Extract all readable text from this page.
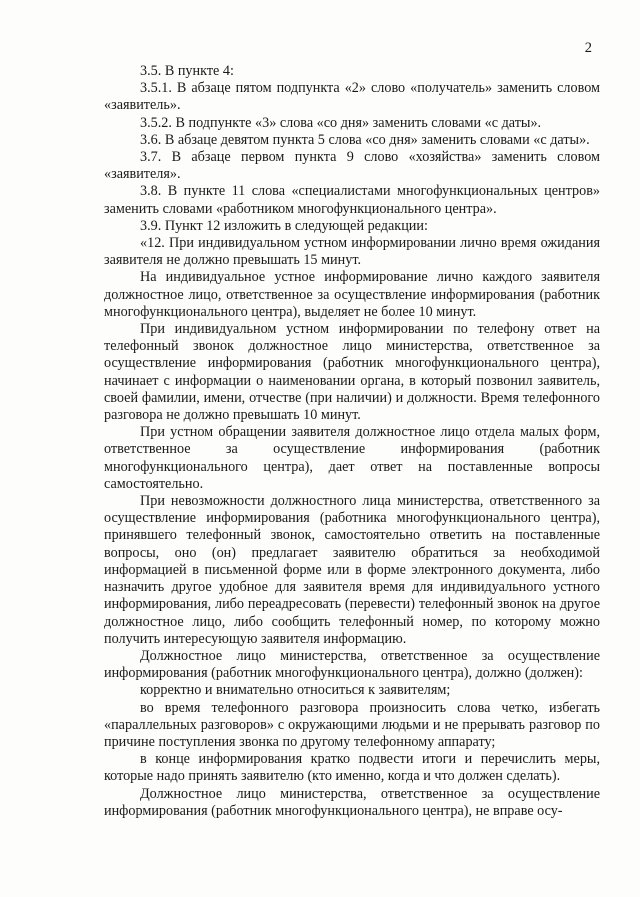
2

3.5. В пункте 4:

3.5.1. В абзаце пятом подпункта «2» слово «получатель» заменить словом «заявитель».

3.5.2. В подпункте «3» слова «со дня» заменить словами «с даты».

3.6. В абзаце девятом пункта 5 слова «со дня» заменить словами «с даты».

3.7. В абзаце первом пункта 9 слово «хозяйства» заменить словом «заявителя».

3.8. В пункте 11 слова «специалистами многофункциональных центров» заменить словами «работником многофункционального центра».

3.9. Пункт 12 изложить в следующей редакции:

«12. При индивидуальном устном информировании лично время ожидания заявителя не должно превышать 15 минут.

На индивидуальное устное информирование лично каждого заявителя должностное лицо, ответственное за осуществление информирования (работник многофункционального центра), выделяет не более 10 минут.

При индивидуальном устном информировании по телефону ответ на телефонный звонок должностное лицо министерства, ответственное за осуществление информирования (работник многофункционального центра), начинает с информации о наименовании органа, в который позвонил заявитель, своей фамилии, имени, отчестве (при наличии) и должности. Время телефонного разговора не должно превышать 10 минут.

При устном обращении заявителя должностное лицо отдела малых форм, ответственное за осуществление информирования (работник многофункционального центра), дает ответ на поставленные вопросы самостоятельно.

При невозможности должностного лица министерства, ответственного за осуществление информирования (работника многофункционального центра), принявшего телефонный звонок, самостоятельно ответить на поставленные вопросы, оно (он) предлагает заявителю обратиться за необходимой информацией в письменной форме или в форме электронного документа, либо назначить другое удобное для заявителя время для индивидуального устного информирования, либо переадресовать (перевести) телефонный звонок на другое должностное лицо, либо сообщить телефонный номер, по которому можно получить интересующую заявителя информацию.

Должностное лицо министерства, ответственное за осуществление информирования (работник многофункционального центра), должно (должен):

корректно и внимательно относиться к заявителям;

во время телефонного разговора произносить слова четко, избегать «параллельных разговоров» с окружающими людьми и не прерывать разговор по причине поступления звонка по другому телефонному аппарату;

в конце информирования кратко подвести итоги и перечислить меры, которые надо принять заявителю (кто именно, когда и что должен сделать).

Должностное лицо министерства, ответственное за осуществление информирования (работник многофункционального центра), не вправе осу-
